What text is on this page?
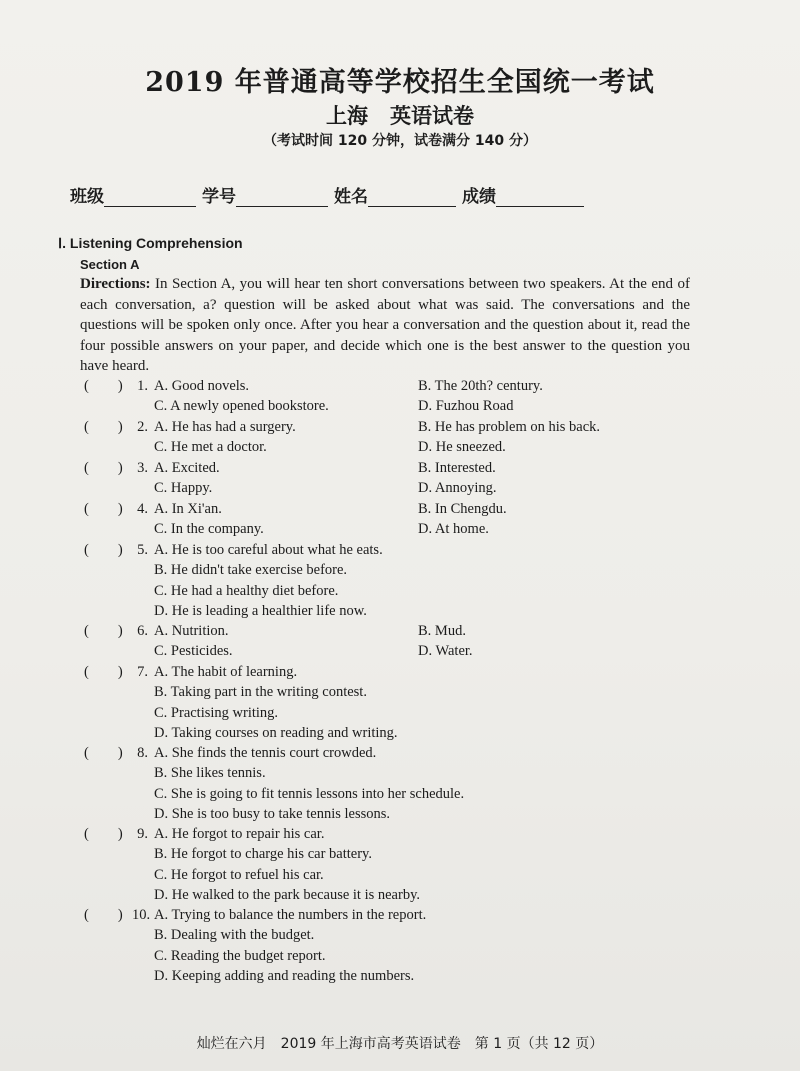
2019 年普通高等学校招生全国统一考试
上海 英语试卷
（考试时间 120 分钟，试卷满分 140 分）
班级	学号	姓名	成绩
Ⅰ. Listening Comprehension
Section A
Directions: In Section A, you will hear ten short conversations between two speakers. At the end of each conversation, a? question will be asked about what was said. The conversations and the questions will be spoken only once. After you hear a conversation and the question about it, read the four possible answers on your paper, and decide which one is the best answer to the question you have heard.
(　　) 1. A. Good novels.	B. The 20th? century.
C. A newly opened bookstore.	D. Fuzhou Road
(　　) 2. A. He has had a surgery.	B. He has problem on his back.
C. He met a doctor.	D. He sneezed.
(　　) 3. A. Excited.	B. Interested.
C. Happy.	D. Annoying.
(　　) 4. A. In Xi'an.	B. In Chengdu.
C. In the company.	D. At home.
(　　) 5. A. He is too careful about what he eats.
B. He didn't take exercise before.
C. He had a healthy diet before.
D. He is leading a healthier life now.
(　　) 6. A. Nutrition.	B. Mud.
C. Pesticides.	D. Water.
(　　) 7. A. The habit of learning.
B. Taking part in the writing contest.
C. Practising writing.
D. Taking courses on reading and writing.
(　　) 8. A. She finds the tennis court crowded.
B. She likes tennis.
C. She is going to fit tennis lessons into her schedule.
D. She is too busy to take tennis lessons.
(　　) 9. A. He forgot to repair his car.
B. He forgot to charge his car battery.
C. He forgot to refuel his car.
D. He walked to the park because it is nearby.
(　　) 10. A. Trying to balance the numbers in the report.
B. Dealing with the budget.
C. Reading the budget report.
D. Keeping adding and reading the numbers.
灿烂在六月　2019 年上海市高考英语试卷　第 1 页（共 12 页）
